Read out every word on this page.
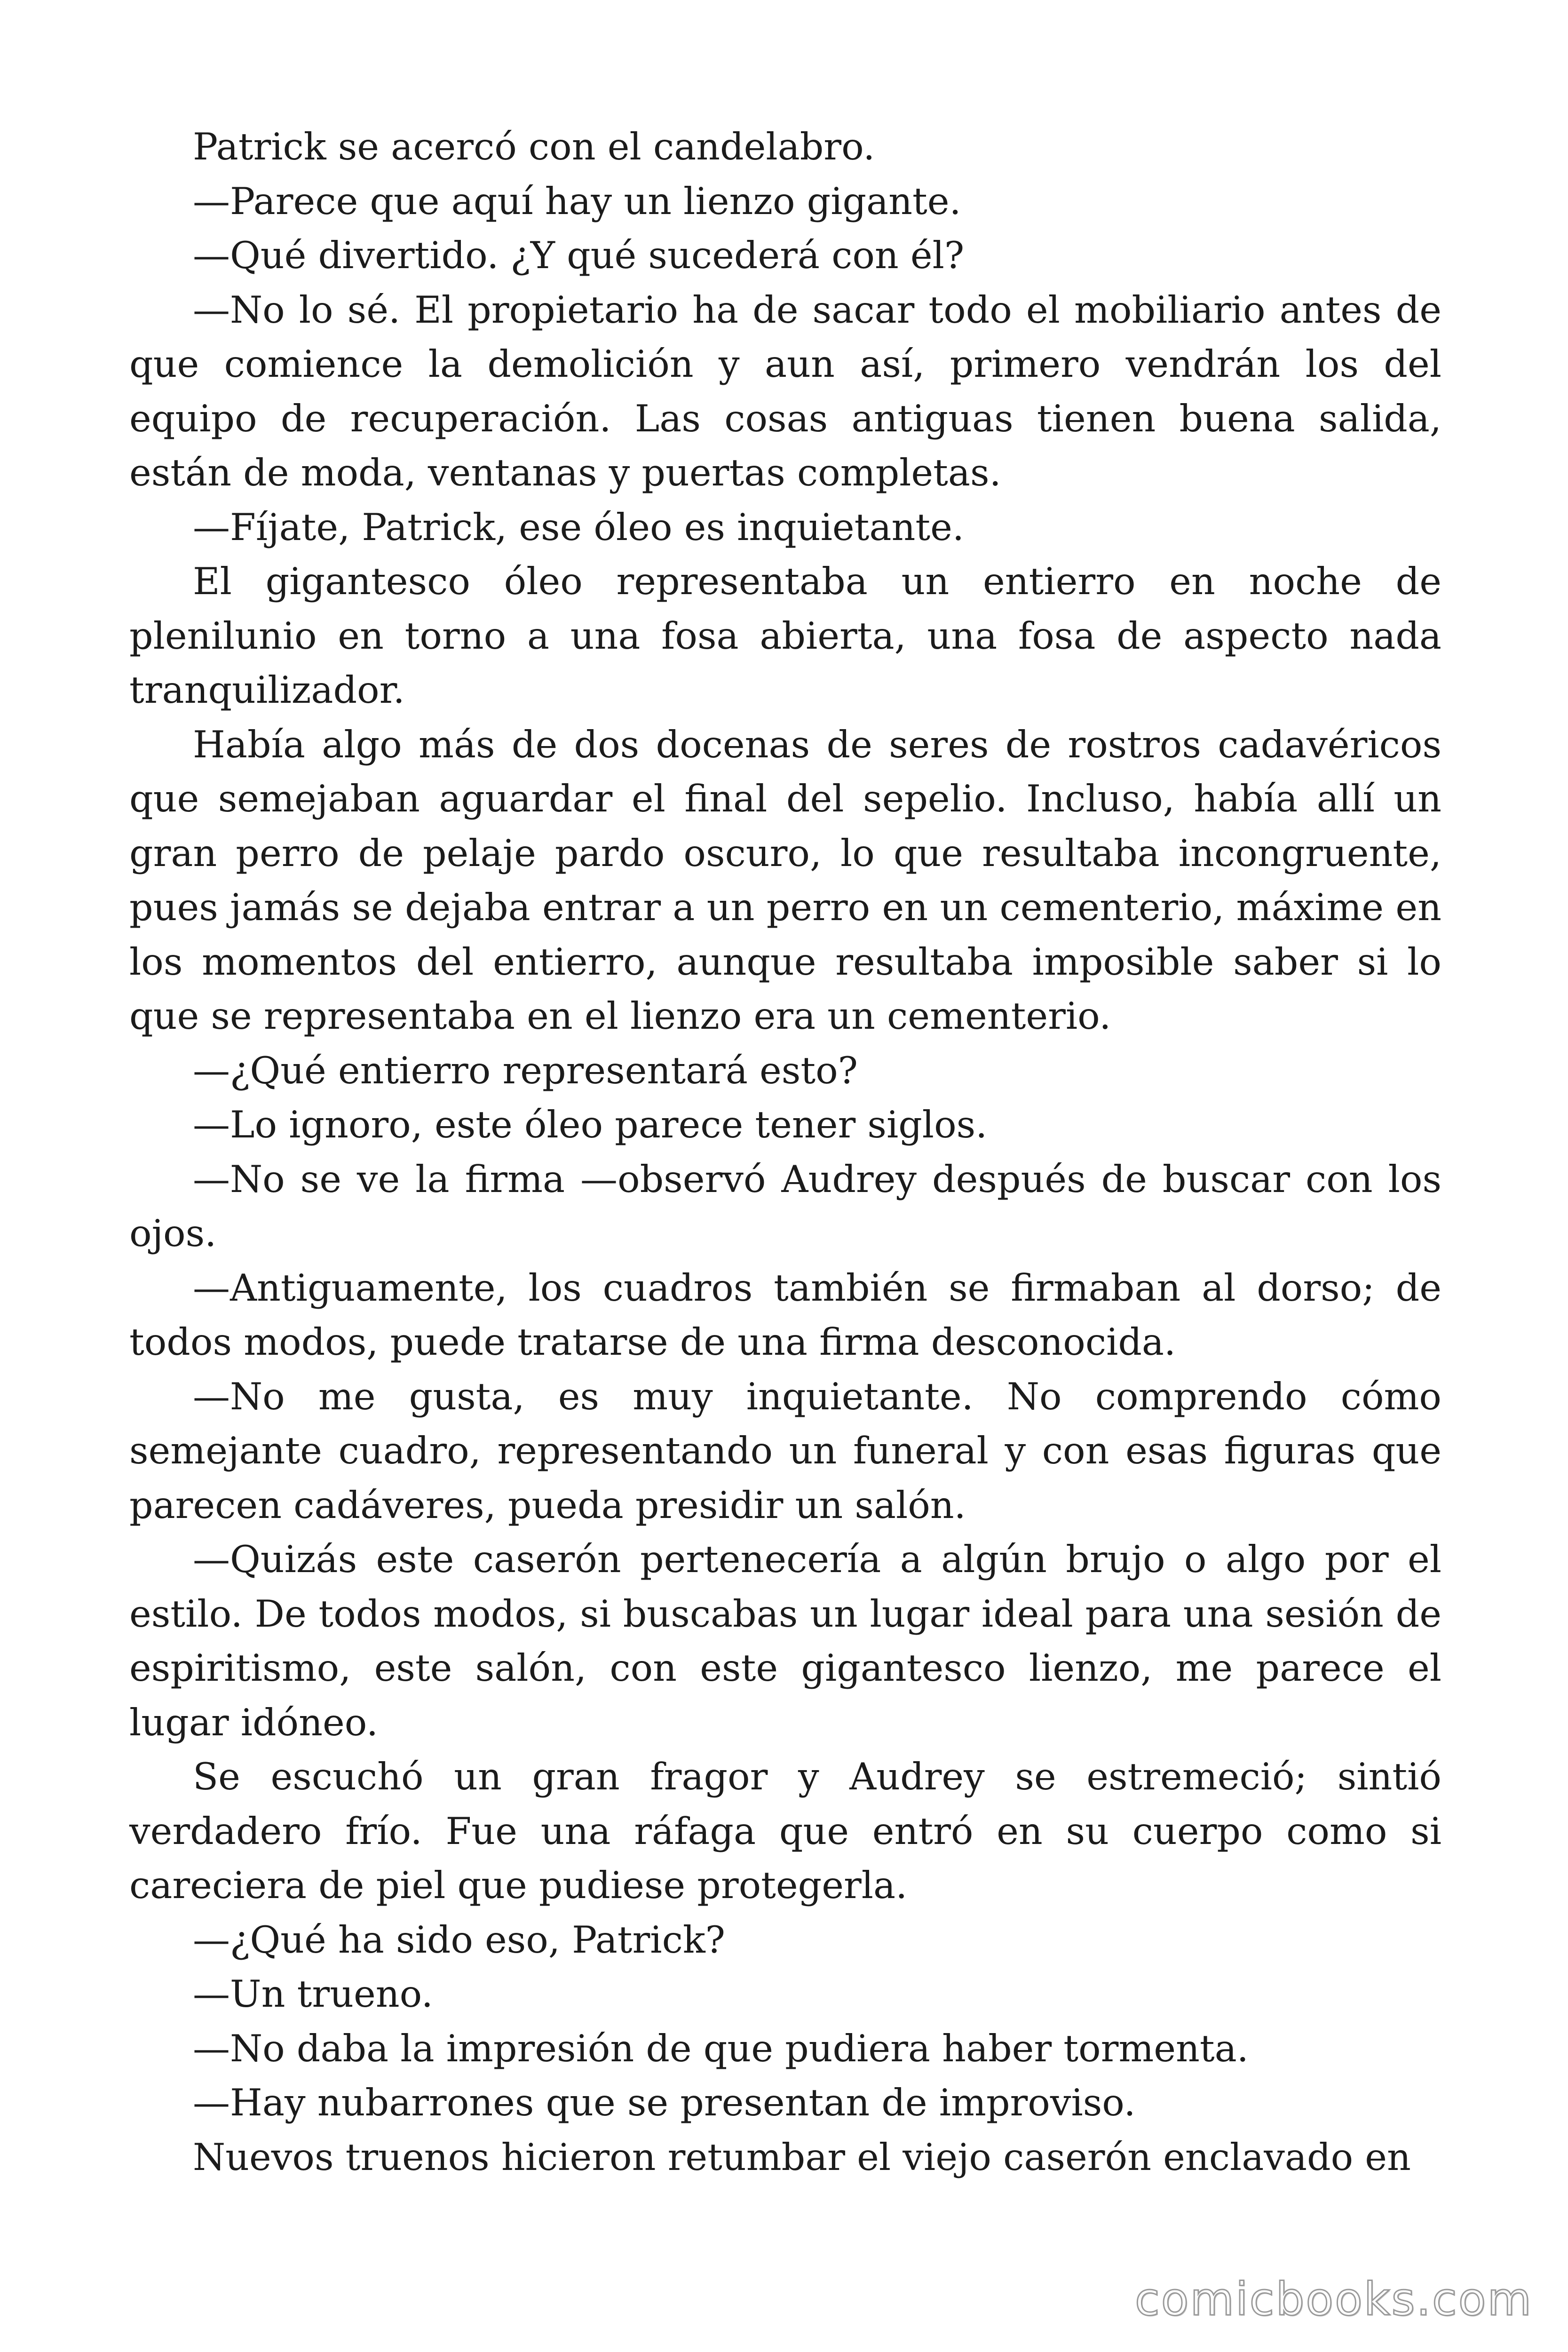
Patrick se acercó con el candelabro.

—Parece que aquí hay un lienzo gigante.

—Qué divertido. ¿Y qué sucederá con él?

—No lo sé. El propietario ha de sacar todo el mobiliario antes de que comience la demolición y aun así, primero vendrán los del equipo de recuperación. Las cosas antiguas tienen buena salida, están de moda, ventanas y puertas completas.

—Fíjate, Patrick, ese óleo es inquietante.

El gigantesco óleo representaba un entierro en noche de plenilunio en torno a una fosa abierta, una fosa de aspecto nada tranquilizador.

Había algo más de dos docenas de seres de rostros cadavéricos que semejaban aguardar el final del sepelio. Incluso, había allí un gran perro de pelaje pardo oscuro, lo que resultaba incongruente, pues jamás se dejaba entrar a un perro en un cementerio, máxime en los momentos del entierro, aunque resultaba imposible saber si lo que se representaba en el lienzo era un cementerio.

—¿Qué entierro representará esto?

—Lo ignoro, este óleo parece tener siglos.

—No se ve la firma —observó Audrey después de buscar con los ojos.

—Antiguamente, los cuadros también se firmaban al dorso; de todos modos, puede tratarse de una firma desconocida.

—No me gusta, es muy inquietante. No comprendo cómo semejante cuadro, representando un funeral y con esas figuras que parecen cadáveres, pueda presidir un salón.

—Quizás este caserón pertenecería a algún brujo o algo por el estilo. De todos modos, si buscabas un lugar ideal para una sesión de espiritismo, este salón, con este gigantesco lienzo, me parece el lugar idóneo.

Se escuchó un gran fragor y Audrey se estremeció; sintió verdadero frío. Fue una ráfaga que entró en su cuerpo como si careciera de piel que pudiese protegerla.

—¿Qué ha sido eso, Patrick?

—Un trueno.

—No daba la impresión de que pudiera haber tormenta.

—Hay nubarrones que se presentan de improviso.

Nuevos truenos hicieron retumbar el viejo caserón enclavado en

comicbooks.com
